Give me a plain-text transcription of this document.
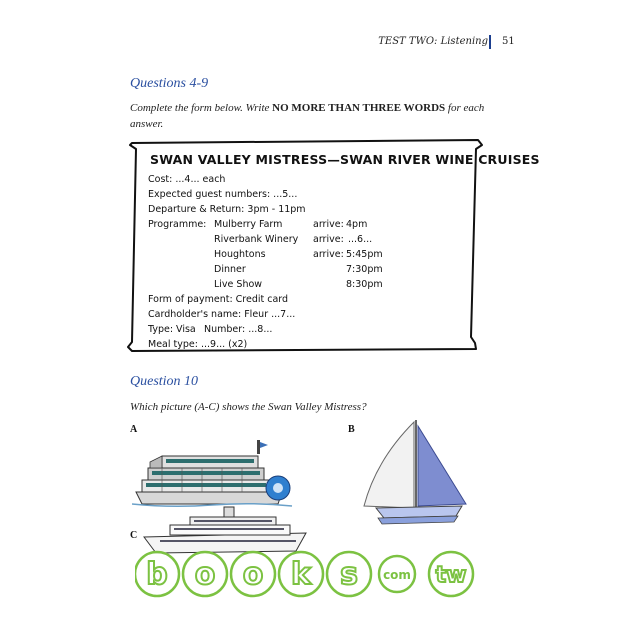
TEST TWO: Listening 51
Questions 4-9
Complete the form below. Write NO MORE THAN THREE WORDS for each answer.
SWAN VALLEY MISTRESS—SWAN RIVER WINE CRUISES
Cost: ...4... each
Expected guest numbers: ...5...
Departure & Return: 3pm - 11pm
Programme: Mulberry Farm	arrive: 4pm
Riverbank Winery arrive: ...6...
Houghtons	arrive: 5:45pm
Dinner	7:30pm
Live Show	8:30pm
Form of payment: Credit card
Cardholder's name: Fleur ...7...
Type: Visa Number: ...8...
Meal type: ...9... (x2)
Question 10
Which picture (A-C) shows the Swan Valley Mistress?
A	B
C
b o o k s com tw
